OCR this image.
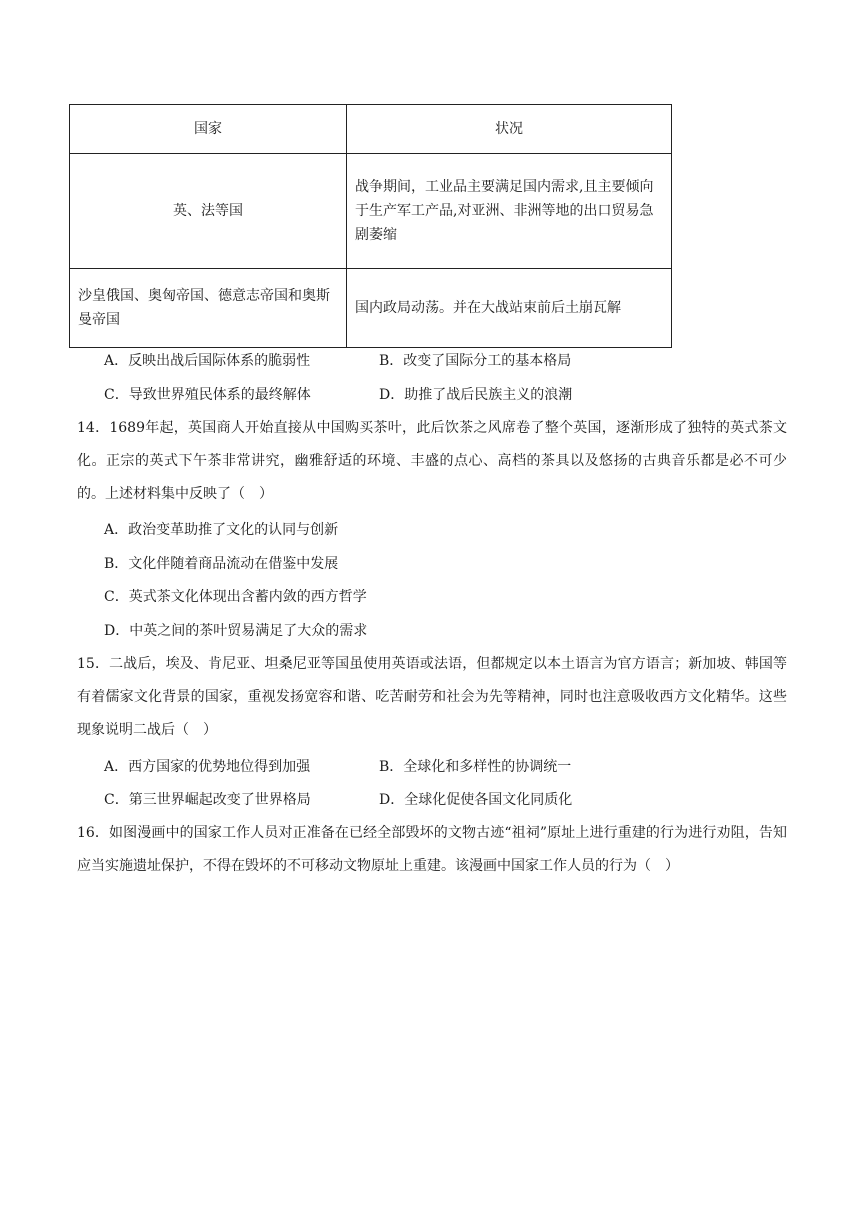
国家	状况
英、法等国	战争期间，工业品主要满足国内需求,且主要倾向于生产军工产品,对亚洲、非洲等地的出口贸易急剧萎缩
沙皇俄国、奥匈帝国、德意志帝国和奥斯曼帝国	国内政局动荡。并在大战站束前后土崩瓦解
A．反映出战后国际体系的脆弱性	B．改变了国际分工的基本格局
C．导致世界殖民体系的最终解体	D．助推了战后民族主义的浪潮
14．1689年起，英国商人开始直接从中国购买茶叶，此后饮茶之风席卷了整个英国，逐渐形成了独特的英式茶文化。正宗的英式下午茶非常讲究，幽雅舒适的环境、丰盛的点心、高档的茶具以及悠扬的古典音乐都是必不可少的。上述材料集中反映了（　）
A．政治变革助推了文化的认同与创新
B．文化伴随着商品流动在借鉴中发展
C．英式茶文化体现出含蓄内敛的西方哲学
D．中英之间的茶叶贸易满足了大众的需求
15．二战后，埃及、肯尼亚、坦桑尼亚等国虽使用英语或法语，但都规定以本土语言为官方语言；新加坡、韩国等有着儒家文化背景的国家，重视发扬宽容和谐、吃苦耐劳和社会为先等精神，同时也注意吸收西方文化精华。这些现象说明二战后（　）
A．西方国家的优势地位得到加强	B．全球化和多样性的协调统一
C．第三世界崛起改变了世界格局	D．全球化促使各国文化同质化
16．如图漫画中的国家工作人员对正准备在已经全部毁坏的文物古迹“祖祠”原址上进行重建的行为进行劝阻，告知应当实施遗址保护，不得在毁坏的不可移动文物原址上重建。该漫画中国家工作人员的行为（　）
